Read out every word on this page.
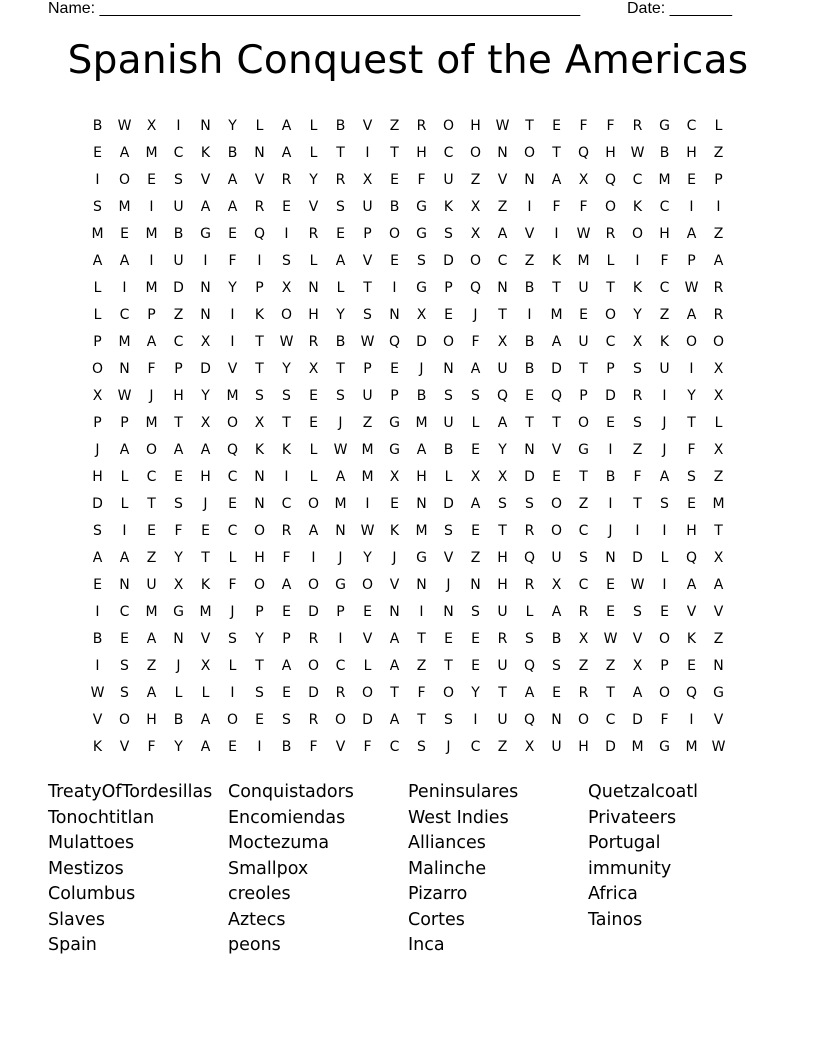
Name: ______________________________________________________	Date: _______
Spanish Conquest of the Americas
B	W	X	I	N	Y	L	A	L	B	V	Z	R	O	H	W	T	E	F	F	R	G	C	L
E	A	M	C	K	B	N	A	L	T	I	T	H	C	O	N	O	T	Q	H	W	B	H	Z
I	O	E	S	V	A	V	R	Y	R	X	E	F	U	Z	V	N	A	X	Q	C	M	E	P
S	M	I	U	A	A	R	E	V	S	U	B	G	K	X	Z	I	F	F	O	K	C	I	I
M	E	M	B	G	E	Q	I	R	E	P	O	G	S	X	A	V	I	W	R	O	H	A	Z
A	A	I	U	I	F	I	S	L	A	V	E	S	D	O	C	Z	K	M	L	I	F	P	A
L	I	M	D	N	Y	P	X	N	L	T	I	G	P	Q	N	B	T	U	T	K	C	W	R
L	C	P	Z	N	I	K	O	H	Y	S	N	X	E	J	T	I	M	E	O	Y	Z	A	R
P	M	A	C	X	I	T	W	R	B	W	Q	D	O	F	X	B	A	U	C	X	K	O	O
O	N	F	P	D	V	T	Y	X	T	P	E	J	N	A	U	B	D	T	P	S	U	I	X
X	W	J	H	Y	M	S	S	E	S	U	P	B	S	S	Q	E	Q	P	D	R	I	Y	X
P	P	M	T	X	O	X	T	E	J	Z	G	M	U	L	A	T	T	O	E	S	J	T	L
J	A	O	A	A	Q	K	K	L	W	M	G	A	B	E	Y	N	V	G	I	Z	J	F	X
H	L	C	E	H	C	N	I	L	A	M	X	H	L	X	X	D	E	T	B	F	A	S	Z
D	L	T	S	J	E	N	C	O	M	I	E	N	D	A	S	S	O	Z	I	T	S	E	M
S	I	E	F	E	C	O	R	A	N	W	K	M	S	E	T	R	O	C	J	I	I	H	T
A	A	Z	Y	T	L	H	F	I	J	Y	J	G	V	Z	H	Q	U	S	N	D	L	Q	X
E	N	U	X	K	F	O	A	O	G	O	V	N	J	N	H	R	X	C	E	W	I	A	A
I	C	M	G	M	J	P	E	D	P	E	N	I	N	S	U	L	A	R	E	S	E	V	V
B	E	A	N	V	S	Y	P	R	I	V	A	T	E	E	R	S	B	X	W	V	O	K	Z
I	S	Z	J	X	L	T	A	O	C	L	A	Z	T	E	U	Q	S	Z	Z	X	P	E	N
W	S	A	L	L	I	S	E	D	R	O	T	F	O	Y	T	A	E	R	T	A	O	Q	G
V	O	H	B	A	O	E	S	R	O	D	A	T	S	I	U	Q	N	O	C	D	F	I	V
K	V	F	Y	A	E	I	B	F	V	F	C	S	J	C	Z	X	U	H	D	M	G	M	W
TreatyOfTordesillas
Tonochtitlan
Mulattoes
Mestizos
Columbus
Slaves
Spain
Conquistadors
Encomiendas
Moctezuma
Smallpox
creoles
Aztecs
peons
Peninsulares
West Indies
Alliances
Malinche
Pizarro
Cortes
Inca
Quetzalcoatl
Privateers
Portugal
immunity
Africa
Tainos
